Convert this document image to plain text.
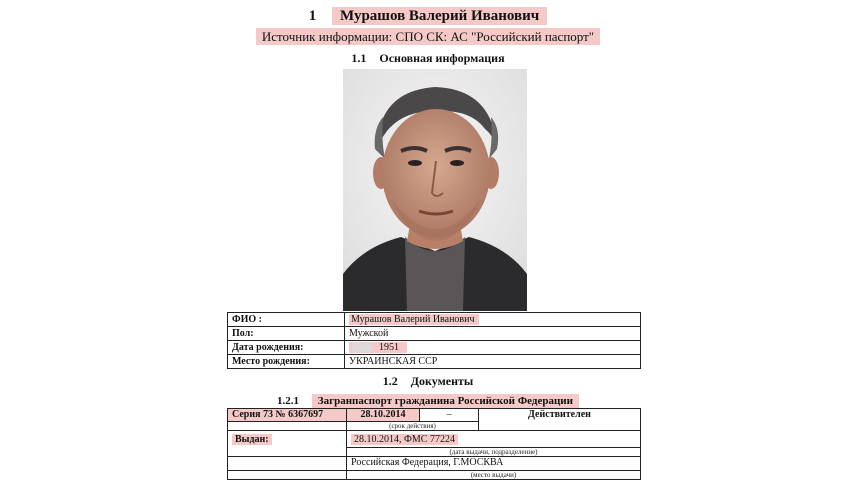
1 Мурашов Валерий Иванович
Источник информации: СПО СК: АС "Российский паспорт"
1.1 Основная информация
ФИО :	Мурашов Валерий Иванович
Пол:	Мужской
Дата рождения:	1951
Место рождения:	УКРАИНСКАЯ ССР
1.2 Документы
1.2.1 Загранпаспорт гражданина Российской Федерации
Серия 73 № 6367697	28.10.2014	–	Действителен

	(срок действия)		

Выдан:	28.10.2014, ФМС 77224		

	(дата выдачи, подразделение)		

	Российская Федерация, Г.МОСКВА		

	(место выдачи)		
